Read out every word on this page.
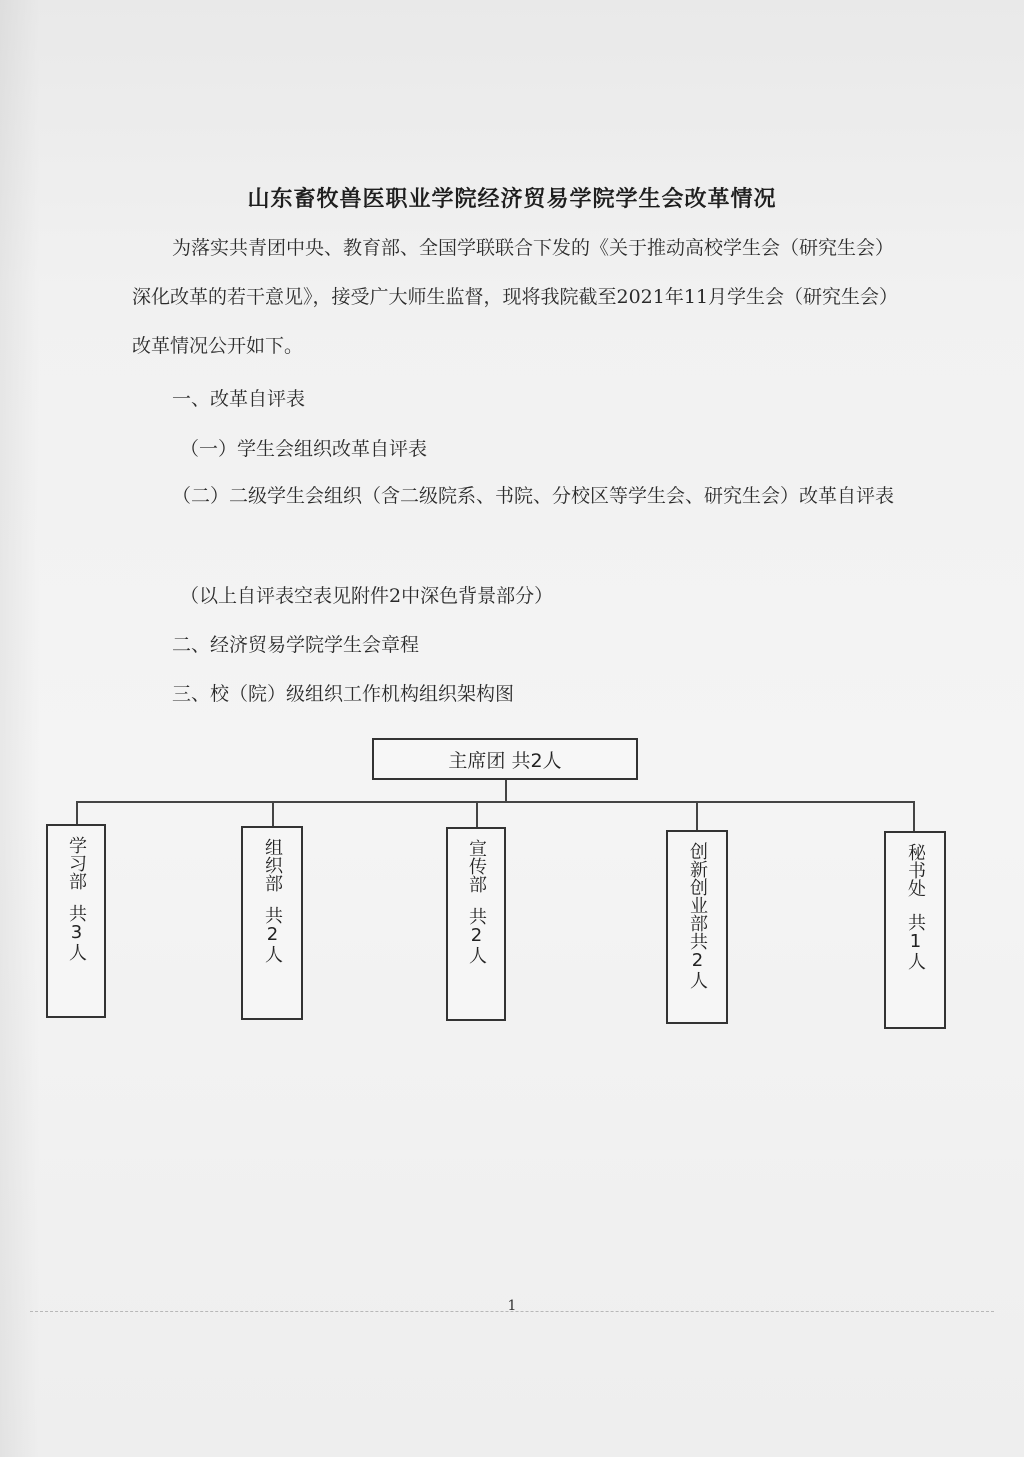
山东畜牧兽医职业学院经济贸易学院学生会改革情况
为落实共青团中央、教育部、全国学联联合下发的《关于推动高校学生会（研究生会）深化改革的若干意见》，接受广大师生监督，现将我院截至2021年11月学生会（研究生会）改革情况公开如下。
一、改革自评表
（一）学生会组织改革自评表
（二）二级学生会组织（含二级院系、书院、分校区等学生会、研究生会）改革自评表
（以上自评表空表见附件2中深色背景部分）
二、经济贸易学院学生会章程
三、校（院）级组织工作机构组织架构图
主席团 共2人
学习部
共3人
组织部
共2人
宣传部
共2人	创新创业部共2人	秘书处
共1人
1
